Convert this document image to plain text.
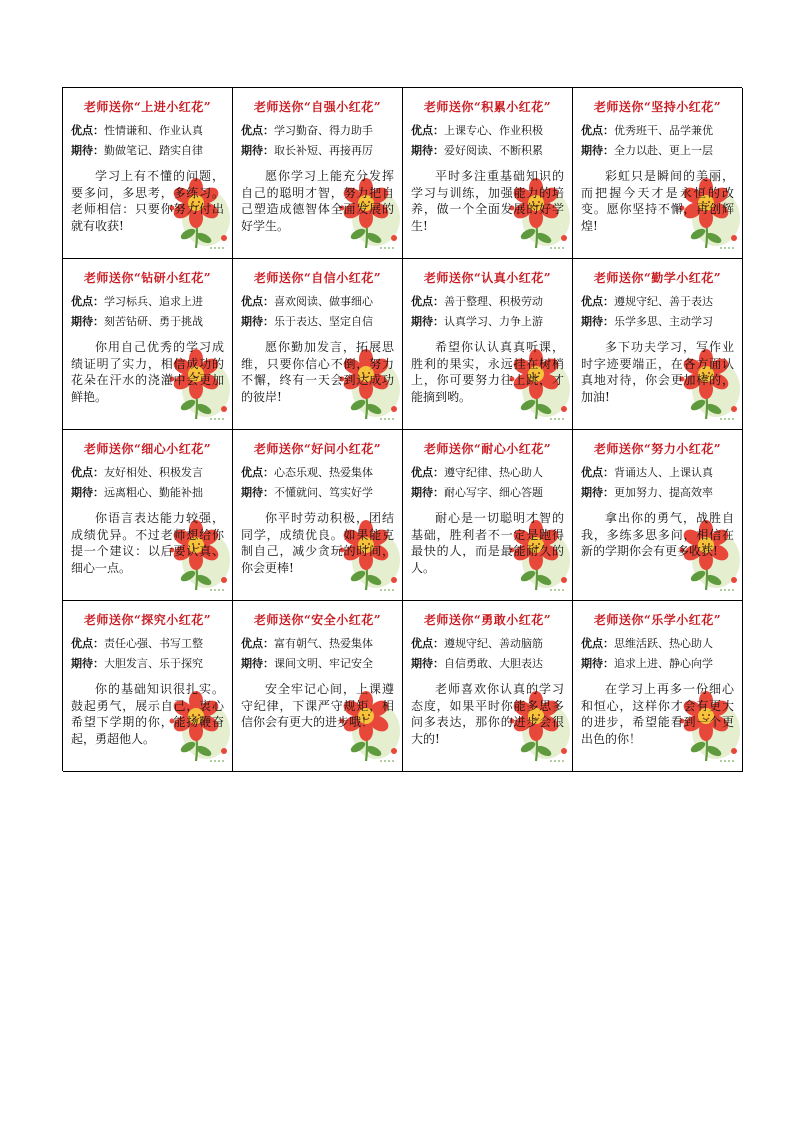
老师送你“上进小红花”
优点：性情谦和、作业认真
期待：勤做笔记、踏实自律
学习上有不懂的问题，要多问，多思考，多练习。老师相信：只要你努力付出就有收获!
老师送你“自强小红花”
优点：学习勤奋、得力助手
期待：取长补短、再接再厉
愿你学习上能充分发挥自己的聪明才智，努力把自己塑造成德智体全面发展的好学生。
老师送你“积累小红花”
优点：上课专心、作业积极
期待：爱好阅读、不断积累
平时多注重基础知识的学习与训练，加强能力的培养，做一个全面发展的好学生!
老师送你“坚持小红花”
优点：优秀班干、品学兼优
期待：全力以赴、更上一层
彩虹只是瞬间的美丽，而把握今天才是永恒的改变。愿你坚持不懈，再创辉煌!
老师送你“钻研小红花”
优点：学习标兵、追求上进
期待：刻苦钻研、勇于挑战
你用自己优秀的学习成绩证明了实力，相信成功的花朵在汗水的浇灌中会更加鲜艳。
老师送你“自信小红花”
优点：喜欢阅读、做事细心
期待：乐于表达、坚定自信
愿你勤加发言，拓展思维，只要你信心不倒，努力不懈，终有一天会到达成功的彼岸!
老师送你“认真小红花”
优点：善于整理、积极劳动
期待：认真学习、力争上游
希望你认认真真听课，胜利的果实，永远挂在树梢上，你可要努力往上跳，才能摘到哟。
老师送你“勤学小红花”
优点：遵规守纪、善于表达
期待：乐学多思、主动学习
多下功夫学习，写作业时字迹要端正，在各方面认真地对待，你会更加棒的，加油!
老师送你“细心小红花”
优点：友好相处、积极发言
期待：远离粗心、勤能补拙
你语言表达能力较强，成绩优异。不过老师想给你提一个建议：以后要认真、细心一点。
老师送你“好问小红花”
优点：心态乐观、热爱集体
期待：不懂就问、笃实好学
你平时劳动积极，团结同学，成绩优良。如果能克制自己，减少贪玩的时间，你会更棒!
老师送你“耐心小红花”
优点：遵守纪律、热心助人
期待：耐心写字、细心答题
耐心是一切聪明才智的基础，胜利者不一定是跑得最快的人，而是最能耐久的人。
老师送你“努力小红花”
优点：背诵达人、上课认真
期待：更加努力、提高效率
拿出你的勇气，战胜自我，多练多思多问，相信在新的学期你会有更多收获!
老师送你“探究小红花”
优点：责任心强、书写工整
期待：大胆发言、乐于探究
你的基础知识很扎实。鼓起勇气，展示自己，衷心希望下学期的你，能扬鞭奋起，勇超他人。
老师送你“安全小红花”
优点：富有朝气、热爱集体
期待：课间文明、牢记安全
安全牢记心间，上课遵守纪律，下课严守规矩，相信你会有更大的进步哦！
老师送你“勇敢小红花”
优点：遵规守纪、善动脑筋
期待：自信勇敢、大胆表达
老师喜欢你认真的学习态度，如果平时你能多思多问多表达，那你的进步会很大的!
老师送你“乐学小红花”
优点：思维活跃、热心助人
期待：追求上进、静心向学
在学习上再多一份细心和恒心，这样你才会有更大的进步，希望能看到一个更出色的你！
